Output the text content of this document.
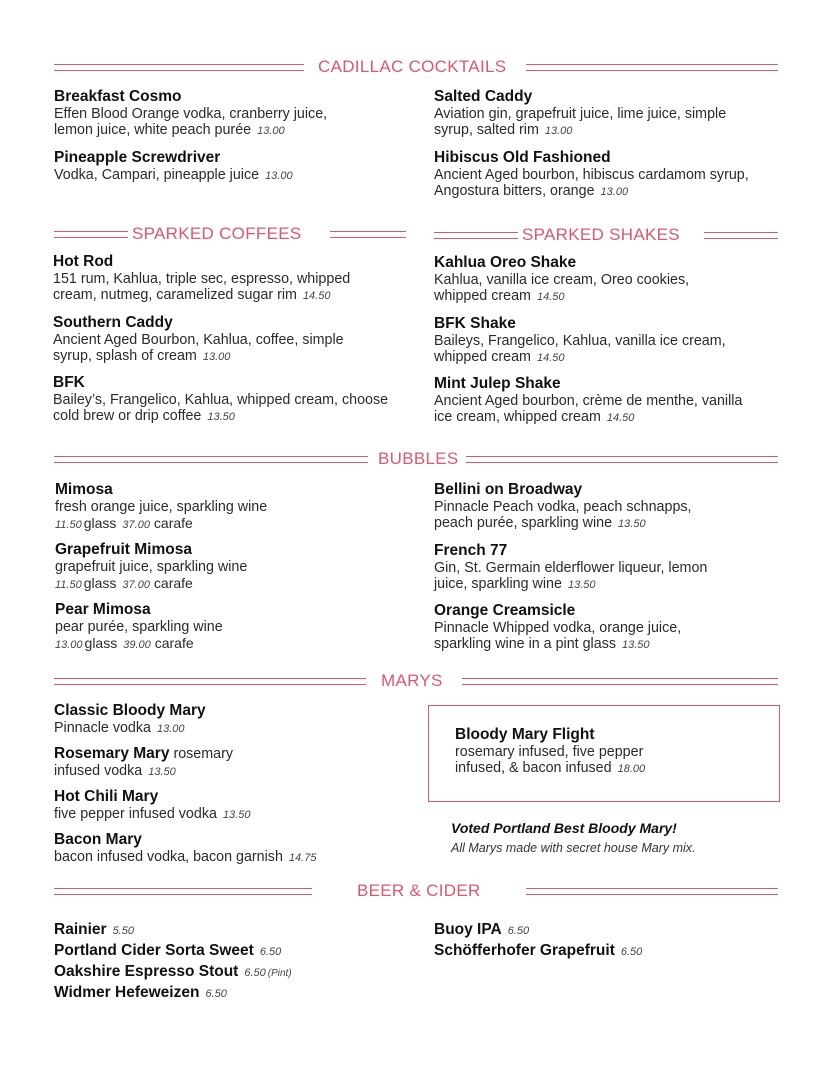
CADILLAC COCKTAILS
Breakfast Cosmo
Effen Blood Orange vodka, cranberry juice, lemon juice, white peach purée 13.00
Pineapple Screwdriver
Vodka, Campari, pineapple juice 13.00
Salted Caddy
Aviation gin, grapefruit juice, lime juice, simple syrup, salted rim 13.00
Hibiscus Old Fashioned
Ancient Aged bourbon, hibiscus cardamom syrup, Angostura bitters, orange 13.00
SPARKED COFFEES
Hot Rod
151 rum, Kahlua, triple sec, espresso, whipped cream, nutmeg, caramelized sugar rim 14.50
Southern Caddy
Ancient Aged Bourbon, Kahlua, coffee, simple syrup, splash of cream 13.00
BFK
Bailey’s, Frangelico, Kahlua, whipped cream, choose cold brew or drip coffee 13.50
SPARKED SHAKES
Kahlua Oreo Shake
Kahlua, vanilla ice cream, Oreo cookies, whipped cream 14.50
BFK Shake
Baileys, Frangelico, Kahlua, vanilla ice cream, whipped cream 14.50
Mint Julep Shake
Ancient Aged bourbon, crème de menthe, vanilla ice cream, whipped cream 14.50
BUBBLES
Mimosa
fresh orange juice, sparkling wine
11.50 glass 37.00 carafe
Grapefruit Mimosa
grapefruit juice, sparkling wine
11.50 glass 37.00 carafe
Pear Mimosa
pear purée, sparkling wine
13.00 glass 39.00 carafe
Bellini on Broadway
Pinnacle Peach vodka, peach schnapps, peach purée, sparkling wine 13.50
French 77
Gin, St. Germain elderflower liqueur, lemon juice, sparkling wine 13.50
Orange Creamsicle
Pinnacle Whipped vodka, orange juice, sparkling wine in a pint glass 13.50
MARYS
Classic Bloody Mary
Pinnacle vodka 13.00
Rosemary Mary rosemary infused vodka 13.50
Hot Chili Mary
five pepper infused vodka 13.50
Bacon Mary
bacon infused vodka, bacon garnish 14.75
Bloody Mary Flight
rosemary infused, five pepper infused, & bacon infused 18.00
Voted Portland Best Bloody Mary!
All Marys made with secret house Mary mix.
BEER & CIDER
Rainier 5.50
Portland Cider Sorta Sweet 6.50
Oakshire Espresso Stout 6.50 (Pint)
Widmer Hefeweizen 6.50
Buoy IPA 6.50
Schöfferhofer Grapefruit 6.50
